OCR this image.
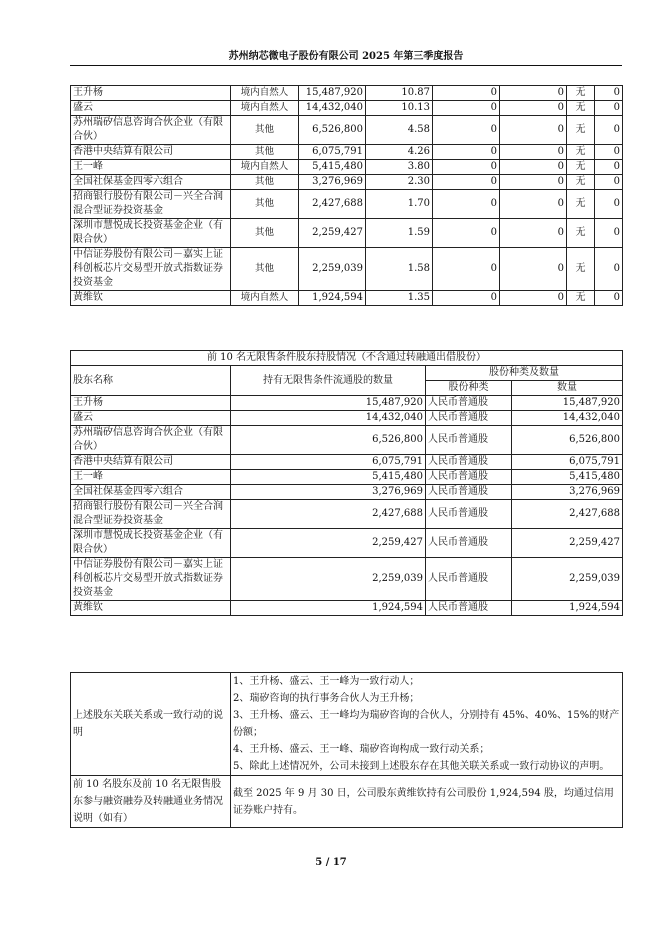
苏州纳芯微电子股份有限公司 2025 年第三季度报告
王升杨	境内自然人	15,487,920	10.87	0	0	无	0
盛云	境内自然人	14,432,040	10.13	0	0	无	0
苏州瑞矽信息咨询合伙企业（有限合伙）	其他	6,526,800	4.58	0	0	无	0
香港中央结算有限公司	其他	6,075,791	4.26	0	0	无	0
王一峰	境内自然人	5,415,480	3.80	0	0	无	0
全国社保基金四零六组合	其他	3,276,969	2.30	0	0	无	0
招商银行股份有限公司－兴全合润混合型证券投资基金	其他	2,427,688	1.70	0	0	无	0
深圳市慧悦成长投资基金企业（有限合伙）	其他	2,259,427	1.59	0	0	无	0
中信证券股份有限公司－嘉实上证科创板芯片交易型开放式指数证券投资基金	其他	2,259,039	1.58	0	0	无	0
黄维钦	境内自然人	1,924,594	1.35	0	0	无	0
前 10 名无限售条件股东持股情况（不含通过转融通出借股份）			
股东名称	持有无限售条件流通股的数量	股份种类及数量	
		股份种类	数量
王升杨	15,487,920	人民币普通股	15,487,920
盛云	14,432,040	人民币普通股	14,432,040
苏州瑞矽信息咨询合伙企业（有限合伙）	6,526,800	人民币普通股	6,526,800
香港中央结算有限公司	6,075,791	人民币普通股	6,075,791
王一峰	5,415,480	人民币普通股	5,415,480
全国社保基金四零六组合	3,276,969	人民币普通股	3,276,969
招商银行股份有限公司－兴全合润混合型证券投资基金	2,427,688	人民币普通股	2,427,688
深圳市慧悦成长投资基金企业（有限合伙）	2,259,427	人民币普通股	2,259,427
中信证券股份有限公司－嘉实上证科创板芯片交易型开放式指数证券投资基金	2,259,039	人民币普通股	2,259,039
黄维钦	1,924,594	人民币普通股	1,924,594
上述股东关联关系或一致行动的说明	1、王升杨、盛云、王一峰为一致行动人；
2、瑞矽咨询的执行事务合伙人为王升杨；
3、王升杨、盛云、王一峰均为瑞矽咨询的合伙人，分别持有 45%、40%、15%的财产份额；
4、王升杨、盛云、王一峰、瑞矽咨询构成一致行动关系；
5、除此上述情况外，公司未接到上述股东存在其他关联关系或一致行动协议的声明。

前 10 名股东及前 10 名无限售股东参与融资融券及转融通业务情况说明（如有）	截至 2025 年 9 月 30 日，公司股东黄维钦持有公司股份 1,924,594 股，均通过信用证券账户持有。
5 / 17
